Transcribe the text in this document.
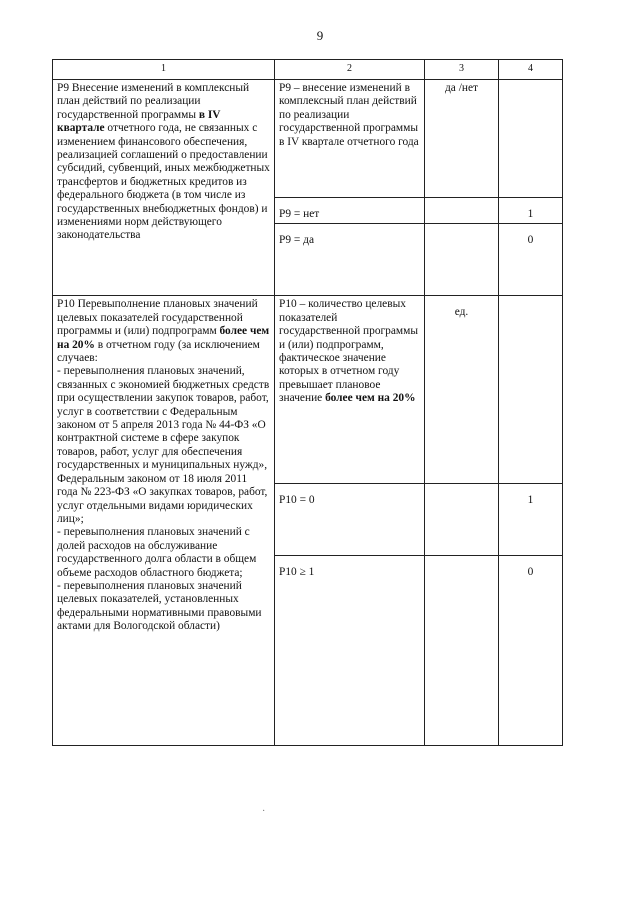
9
1	2	3	4
Р9 Внесение изменений в комплексный план действий по реализации государственной программы в IV квартале отчетного года, не связанных с изменением финансового обеспечения, реализацией соглашений о предоставлении субсидий, субвенций, иных межбюджетных трансфертов и бюджетных кредитов из федерального бюджета (в том числе из государственных внебюджетных фондов) и изменениями норм действующего законодательства	Р9 – внесение изменений в комплексный план действий по реализации государственной программы в IV квартале отчетного года	да /нет	

	Р9 = нет		1

	Р9 = да		0

Р10 Перевыполнение плановых значений целевых показателей государственной программы и (или) подпрограмм более чем на 20% в отчетном году (за исключением случаев:
- перевыполнения плановых значений, связанных с экономией бюджетных средств при осуществлении закупок товаров, работ, услуг в соответствии с Федеральным законом от 5 апреля 2013 года № 44-ФЗ «О контрактной системе в сфере закупок товаров, работ, услуг для обеспечения государственных и муниципальных нужд», Федеральным законом от 18 июля 2011 года № 223-ФЗ «О закупках товаров, работ, услуг отдельными видами юридических лиц»;
- перевыполнения плановых значений с долей расходов на обслуживание государственного долга области в общем объеме расходов областного бюджета;
- перевыполнения плановых значений целевых показателей, установленных федеральными нормативными правовыми актами для Вологодской области)	Р10 – количество целевых показателей государственной программы и (или) подпрограмм, фактическое значение которых в отчетном году превышает плановое значение более чем на 20%	ед.	

	Р10 = 0		1

	Р10 ≥ 1		0
·
